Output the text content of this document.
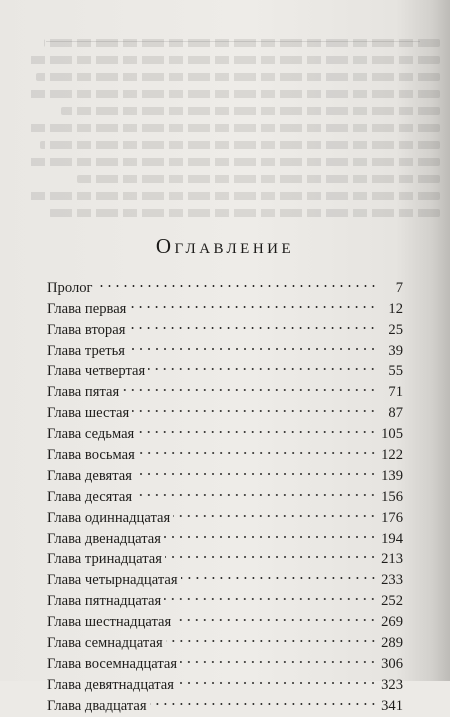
Оглавление
Пролог	7
Глава первая	12
Глава вторая	25
Глава третья	39
Глава четвертая	55
Глава пятая	71
Глава шестая	87
Глава седьмая	105
Глава восьмая	122
Глава девятая	139
Глава десятая	156
Глава одиннадцатая	176
Глава двенадцатая	194
Глава тринадцатая	213
Глава четырнадцатая	233
Глава пятнадцатая	252
Глава шестнадцатая	269
Глава семнадцатая	289
Глава восемнадцатая	306
Глава девятнадцатая	323
Глава двадцатая	341
